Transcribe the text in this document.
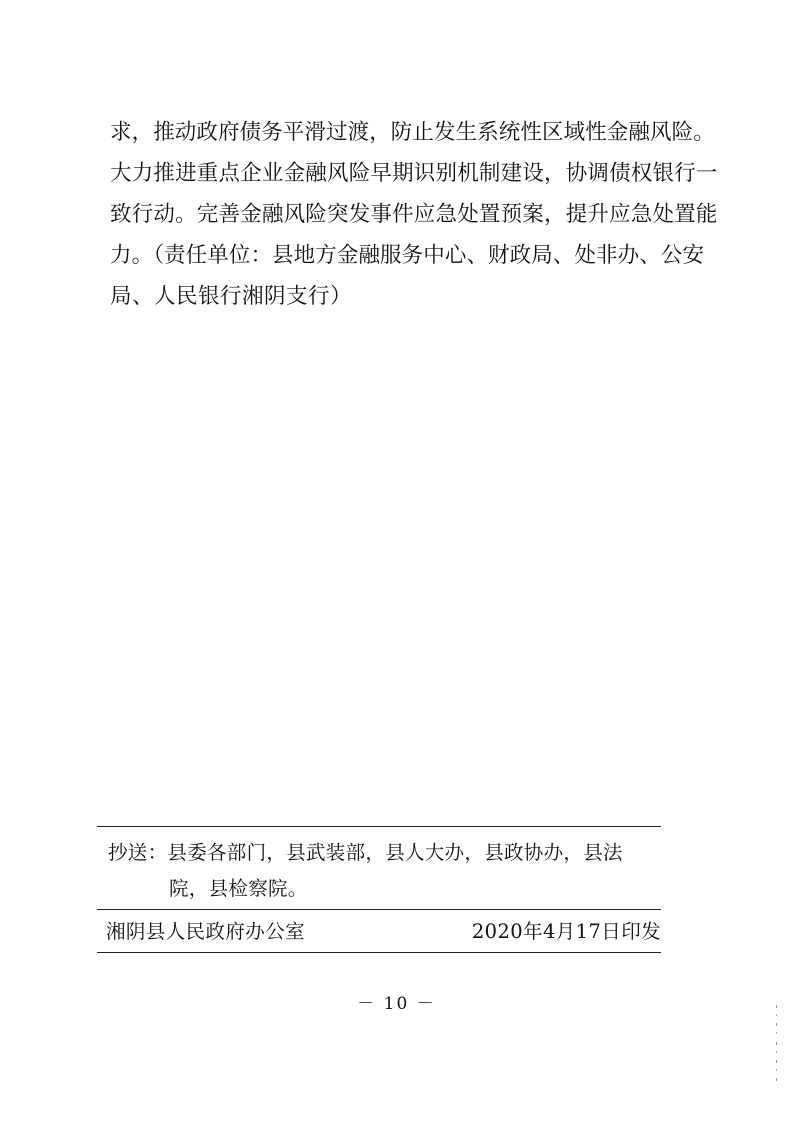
求，推动政府债务平滑过渡，防止发生系统性区域性金融风险。
大力推进重点企业金融风险早期识别机制建设，协调债权银行一
致行动。完善金融风险突发事件应急处置预案，提升应急处置能
力。（责任单位：县地方金融服务中心、财政局、处非办、公安
局、人民银行湘阴支行）
抄送：县委各部门，县武装部，县人大办，县政协办，县法
院，县检察院。
湘阴县人民政府办公室	2020年4月17日印发
－ 10 －
